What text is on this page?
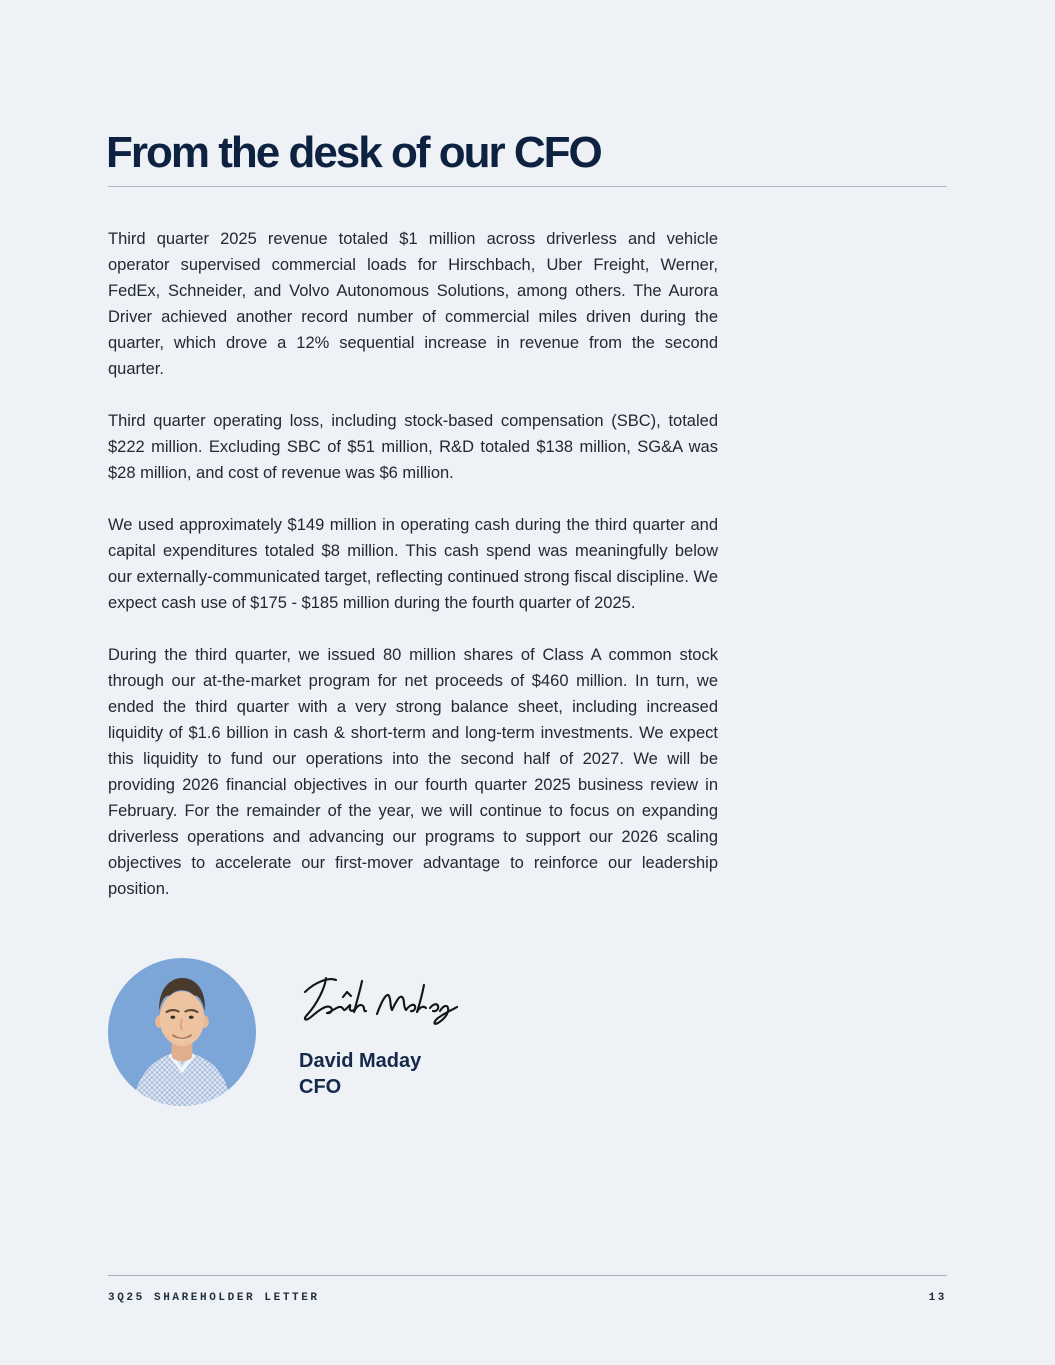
From the desk of our CFO

Third quarter 2025 revenue totaled $1 million across driverless and vehicle operator supervised commercial loads for Hirschbach, Uber Freight, Werner, FedEx, Schneider, and Volvo Autonomous Solutions, among others. The Aurora Driver achieved another record number of commercial miles driven during the quarter, which drove a 12% sequential increase in revenue from the second quarter.

Third quarter operating loss, including stock-based compensation (SBC), totaled $222 million. Excluding SBC of $51 million, R&D totaled $138 million, SG&A was $28 million, and cost of revenue was $6 million.

We used approximately $149 million in operating cash during the third quarter and capital expenditures totaled $8 million. This cash spend was meaningfully below our externally-communicated target, reflecting continued strong fiscal discipline. We expect cash use of $175 - $185 million during the fourth quarter of 2025.

During the third quarter, we issued 80 million shares of Class A common stock through our at-the-market program for net proceeds of $460 million. In turn, we ended the third quarter with a very strong balance sheet, including increased liquidity of $1.6 billion in cash & short-term and long-term investments. We expect this liquidity to fund our operations into the second half of 2027. We will be providing 2026 financial objectives in our fourth quarter 2025 business review in February. For the remainder of the year, we will continue to focus on expanding driverless operations and advancing our programs to support our 2026 scaling objectives to accelerate our first-mover advantage to reinforce our leadership position.

David Maday
CFO
3Q25 SHAREHOLDER LETTER	13
